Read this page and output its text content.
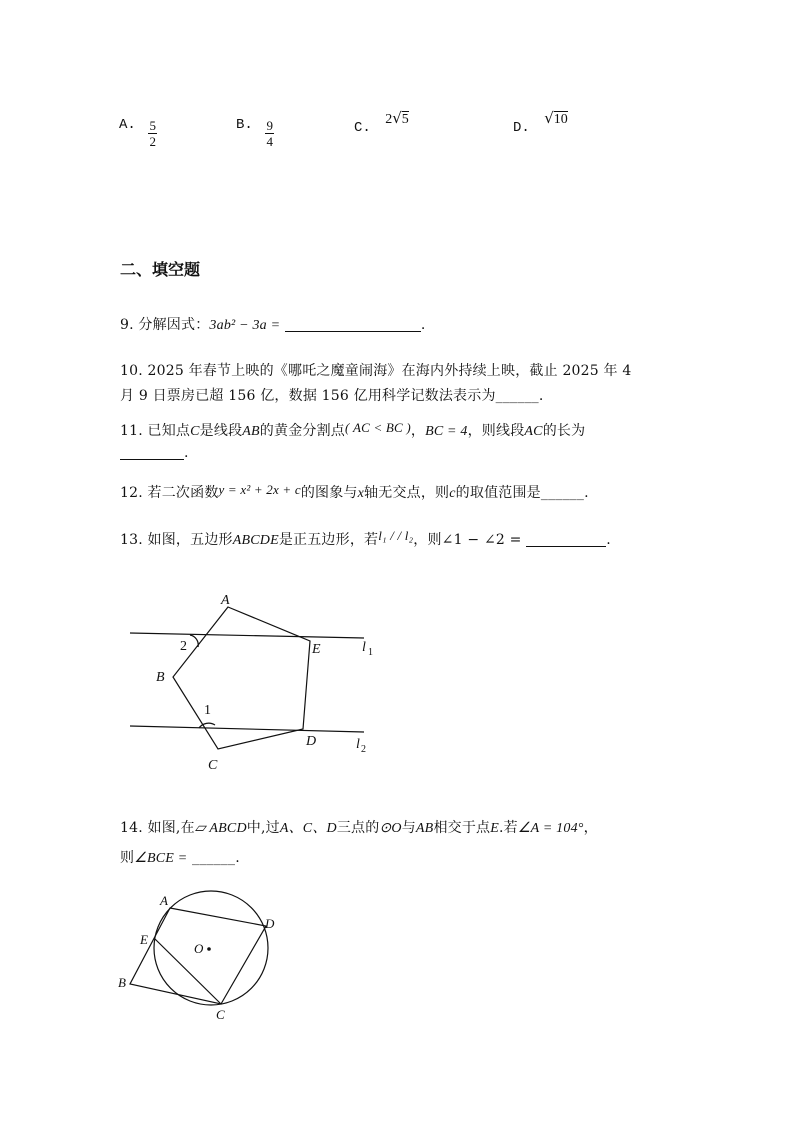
A. $\frac{5}{2}$	B. $\frac{9}{4}$	C. 2√5
D. √10
二、填空题
9. 分解因式：3ab² − 3a =	.
10. 2025 年春节上映的《哪吒之魔童闹海》在海内外持续上映，截止 2025 年 4
月 9 日票房已超 156 亿，数据 156 亿用科学记数法表示为______.
11. 已知点C是线段AB的黄金分割点( AC < BC )，BC = 4，则线段AC的长为
.
12. 若二次函数y = x² + 2x + c的图象与x轴无交点，则c的取值范围是______.
13. 如图，五边形ABCDE是正五边形，若l₁ / / l₂，则∠1 − ∠2 =	.
A
B
C
D
E	l
l
1
2
2
1
14. 如图,在▱ ABCD中,过A、C、D三点的⊙O与AB相交于点E.若∠A = 104°，
则∠BCE = ______.
A
B
C
D
E
O
